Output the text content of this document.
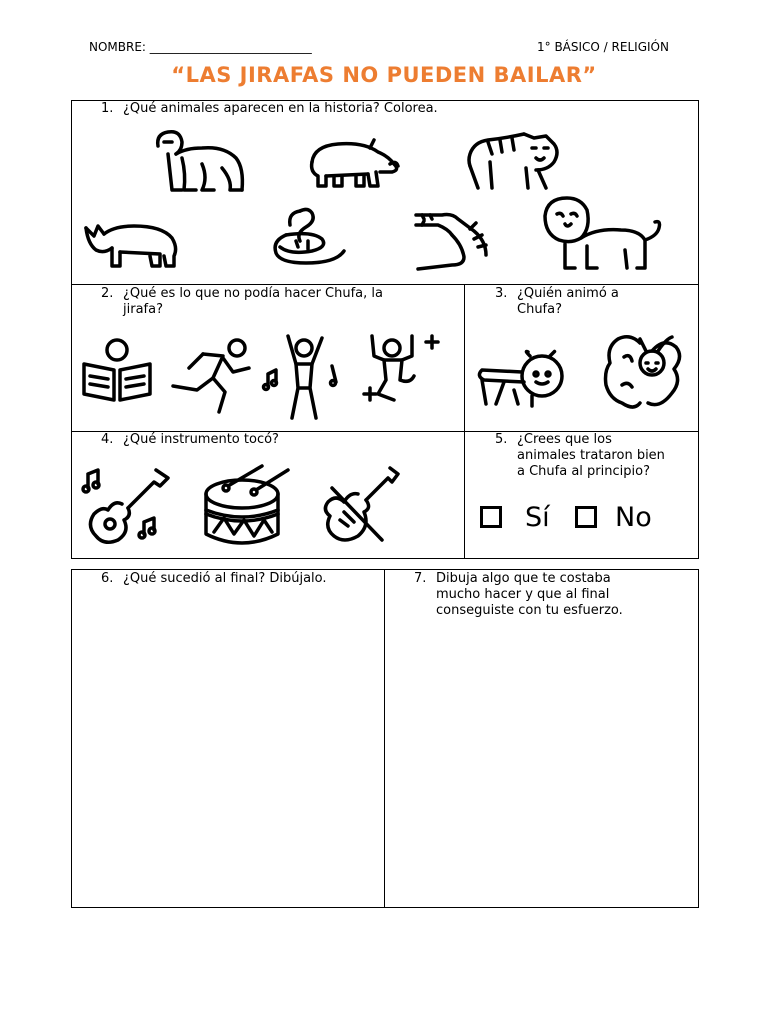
NOMBRE: ___________________________	1° BÁSICO / RELIGIÓN
“LAS JIRAFAS NO PUEDEN BAILAR”
1. ¿Qué animales aparecen en la historia? Colorea.
2. ¿Qué es lo que no podía hacer Chufa, la
jirafa?
3. ¿Quién animó a
Chufa?
4. ¿Qué instrumento tocó?	5. ¿Crees que los
animales trataron bien
a Chufa al principio?
Sí No
6. ¿Qué sucedió al final? Dibújalo.	7. Dibuja algo que te costaba
mucho hacer y que al final
conseguiste con tu esfuerzo.
